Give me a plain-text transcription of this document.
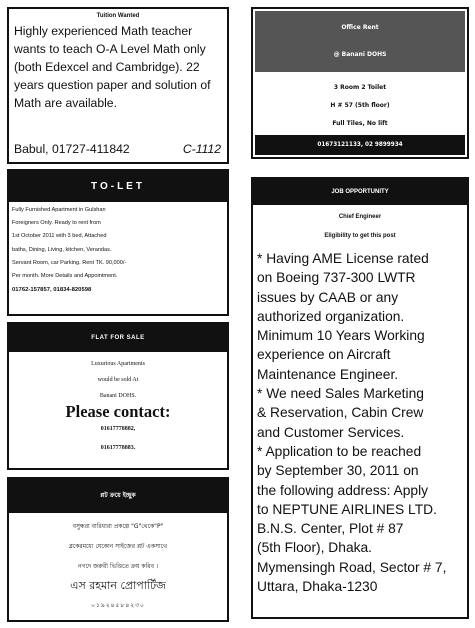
Tuition Wanted
Highly experienced Math teacher
wants to teach O-A Level Math only
(both Edexcel and Cambridge). 22
years question paper and solution of
Math are available.
Babul, 01727-411842	C-1112
Office Rent
@ Banani DOHS
3 Room 2 Toilet
H # 57 (5th floor)
Full Tiles, No lift
01673121133, 02 9899934
TO-LET
Fully Furnished Apartment in Gulshan
Foreigners Only. Ready to rent from
1st October 2011 with 3 bed, Attached
baths, Dining, Living, kitchen, Verandas.
Servant Room, car Parking. Rent TK. 90,000/-
Per month. More Details and Appointment.
01762-157857, 01834-820598
JOB OPPORTUNITY
Chief Engineer
Eligibility to get this post
* Having AME License rated
on Boeing 737-300 LWTR
issues by CAAB or any
authorized organization.
Minimum 10 Years Working
experience on Aircraft
Maintenance Engineer.
* We need Sales Marketing
& Reservation, Cabin Crew
and Customer Services.
* Application to be reached
by September 30, 2011 on
the following address: Apply
to NEPTUNE AIRLINES LTD.
B.N.S. Center, Plot # 87
(5th Floor), Dhaka.
Mymensingh Road, Sector # 7,
Uttara, Dhaka-1230
FLAT FOR SALE
Luxurious Apartments
would be sold At
Banani DOHS.
Please contact:
01617778882,
01617778883.
প্লট ক্রয়ে ইচ্ছুক
বসুন্ধরা বারিধারা প্রকল্পে "G"থেকে"P"
ব্লকেরমধ্যে যেকোন সাইজের প্লট একসাথে
নগদে জরুরী ভিত্তিতে ক্রয় করিব ।
এস রহমান প্রোপার্টিজ
০১৯২৪৫৮৪২৩০
